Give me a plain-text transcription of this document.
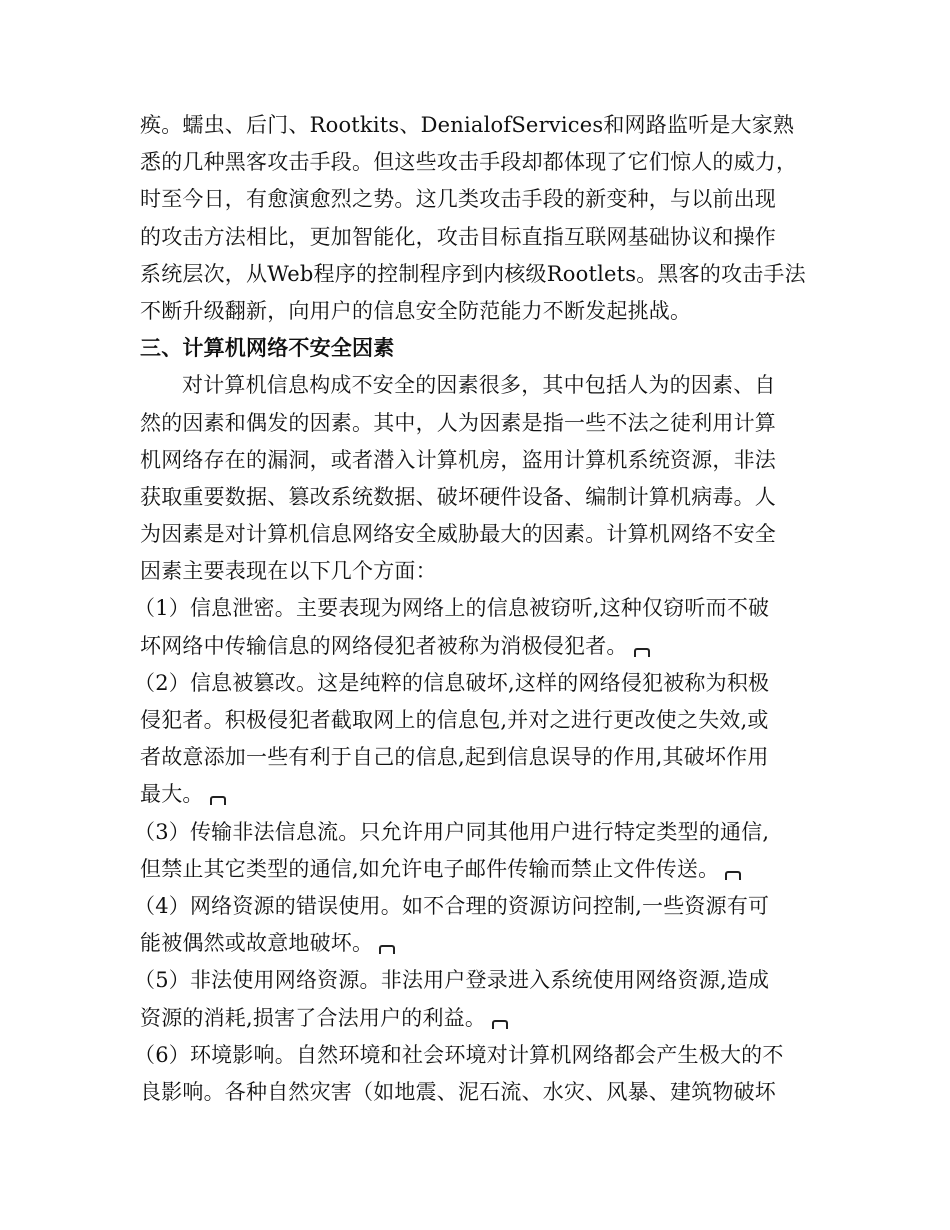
痪。蠕虫、后门、Rootkits、DenialofServices和网路监听是大家熟
悉的几种黑客攻击手段。但这些攻击手段却都体现了它们惊人的威力，
时至今日，有愈演愈烈之势。这几类攻击手段的新变种，与以前出现
的攻击方法相比，更加智能化，攻击目标直指互联网基础协议和操作
系统层次，从Web程序的控制程序到内核级Rootlets。黑客的攻击手法
不断升级翻新，向用户的信息安全防范能力不断发起挑战。
三、计算机网络不安全因素
对计算机信息构成不安全的因素很多，其中包括人为的因素、自
然的因素和偶发的因素。其中，人为因素是指一些不法之徒利用计算
机网络存在的漏洞，或者潜入计算机房，盗用计算机系统资源，非法
获取重要数据、篡改系统数据、破坏硬件设备、编制计算机病毒。人
为因素是对计算机信息网络安全威胁最大的因素。计算机网络不安全
因素主要表现在以下几个方面：
（1）信息泄密。主要表现为网络上的信息被窃听,这种仅窃听而不破
坏网络中传输信息的网络侵犯者被称为消极侵犯者。
（2）信息被篡改。这是纯粹的信息破坏,这样的网络侵犯被称为积极
侵犯者。积极侵犯者截取网上的信息包,并对之进行更改使之失效,或
者故意添加一些有利于自己的信息,起到信息误导的作用,其破坏作用
最大。
（3）传输非法信息流。只允许用户同其他用户进行特定类型的通信,
但禁止其它类型的通信,如允许电子邮件传输而禁止文件传送。
（4）网络资源的错误使用。如不合理的资源访问控制,一些资源有可
能被偶然或故意地破坏。
（5）非法使用网络资源。非法用户登录进入系统使用网络资源,造成
资源的消耗,损害了合法用户的利益。
（6）环境影响。自然环境和社会环境对计算机网络都会产生极大的不
良影响。各种自然灾害（如地震、泥石流、水灾、风暴、建筑物破坏
